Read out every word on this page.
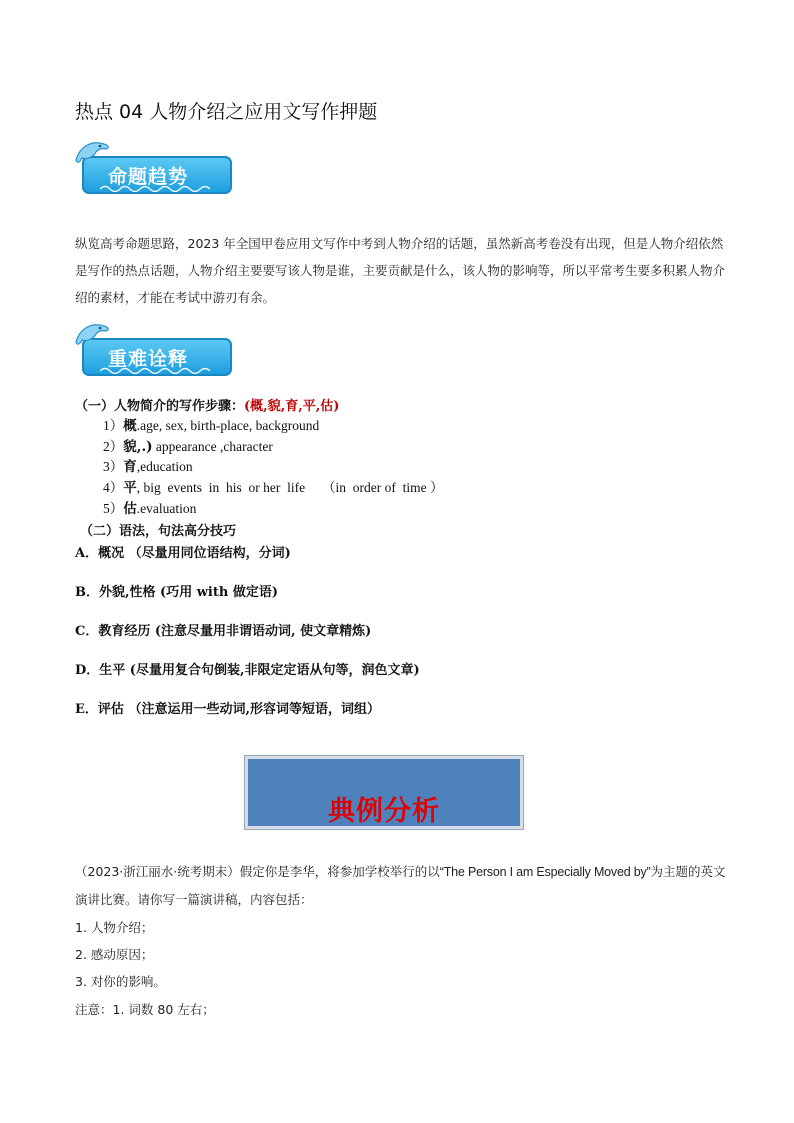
热点 04 人物介绍之应用文写作押题
命题趋势
纵览高考命题思路，2023 年全国甲卷应用文写作中考到人物介绍的话题，虽然新高考卷没有出现，但是人物介绍依然是写作的热点话题，人物介绍主要要写该人物是谁，主要贡献是什么，该人物的影响等，所以平常考生要多积累人物介绍的素材，才能在考试中游刃有余。
重难诠释
（一）人物简介的写作步骤：(概,貌,育,平,估)
1）概.age, sex, birth-place, background
2）貌,.) appearance ,character
3）育,education
4）平, big  events  in  his  or her  life     （in  order of  time ）
5）估.evaluation
（二）语法，句法高分技巧
A．概况 （尽量用同位语结构，分词)
B．外貌,性格 (巧用 with 做定语)
C．教育经历 (注意尽量用非谓语动词, 使文章精炼)
D．生平 (尽量用复合句倒装,非限定定语从句等，润色文章)
E．评估 （注意运用一些动词,形容词等短语，词组）
典例分析
（2023·浙江丽水·统考期末）假定你是李华，将参加学校举行的以“The Person I am Especially Moved by”为主题的英文演讲比赛。请你写一篇演讲稿，内容包括：
1. 人物介绍；
2. 感动原因；
3. 对你的影响。
注意：1. 词数 80 左右；
